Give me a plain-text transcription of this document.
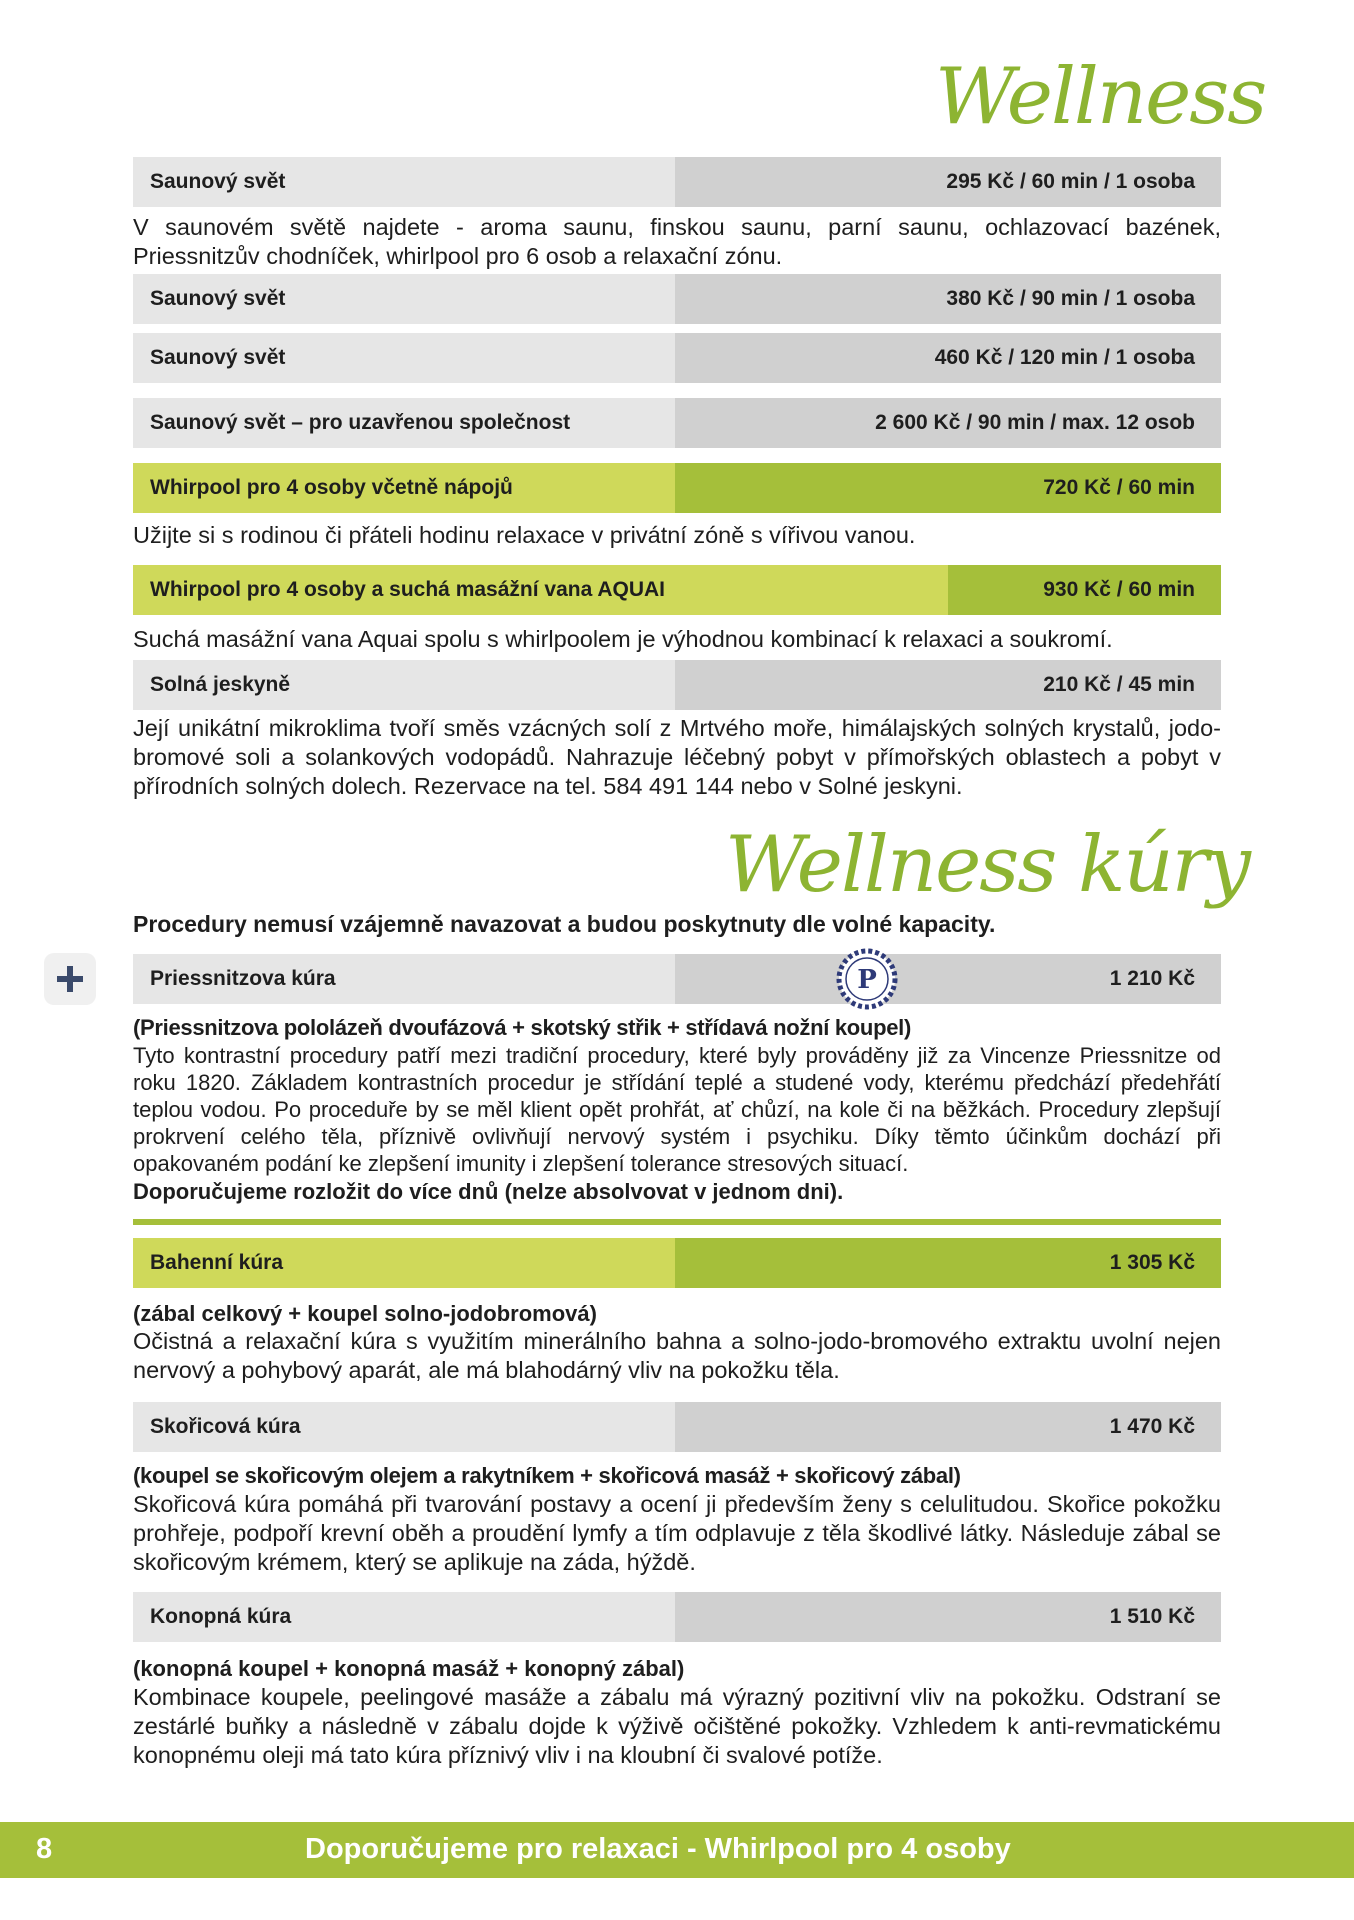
Wellness
Saunový svět	295 Kč / 60 min / 1 osoba

V saunovém světě najdete - aroma saunu, finskou saunu, parní saunu, ochlazovací bazének, Priessnitzův chodníček, whirlpool pro 6 osob a relaxační zónu.

Saunový svět	380 Kč / 90 min / 1 osoba
Saunový svět	460 Kč / 120 min / 1 osoba
Saunový svět – pro uzavřenou společnost	2 600 Kč / 90 min / max. 12 osob
Whirpool pro 4 osoby včetně nápojů	720 Kč / 60 min

Užijte si s rodinou či přáteli hodinu relaxace v privátní zóně s vířivou vanou.

Whirpool pro 4 osoby a suchá masážní vana AQUAI	930 Kč / 60 min

Suchá masážní vana Aquai spolu s whirlpoolem je výhodnou kombinací k relaxaci a soukromí.

Solná jeskyně	210 Kč / 45 min

Její unikátní mikroklima tvoří směs vzácných solí z Mrtvého moře, himálajských solných krystalů, jodo-bromové soli a solankových vodopádů. Nahrazuje léčebný pobyt v přímořských oblastech a pobyt v přírodních solných dolech. Rezervace na tel. 584 491 144 nebo v Solné jeskyni.

Wellness kúry

Procedury nemusí vzájemně navazovat a budou poskytnuty dle volné kapacity.

Priessnitzova kúra	1 210 Kč
P

(Priessnitzova pololázeň dvoufázová + skotský střik + střídavá nožní koupel)

Tyto kontrastní procedury patří mezi tradiční procedury, které byly prováděny již za Vincenze Priessnitze od roku 1820. Základem kontrastních procedur je střídání teplé a studené vody, kterému předchází předehřátí teplou vodou. Po proceduře by se měl klient opět prohřát, ať chůzí, na kole či na běžkách. Procedury zlepšují prokrvení celého těla, příznivě ovlivňují nervový systém i psychiku. Díky těmto účinkům dochází při opakovaném podání ke zlepšení imunity i zlepšení tolerance stresových situací.

Doporučujeme rozložit do více dnů (nelze absolvovat v jednom dni).

Bahenní kúra	1 305 Kč

(zábal celkový + koupel solno-jodobromová)

Očistná a relaxační kúra s využitím minerálního bahna a solno-jodo-bromového extraktu uvolní nejen nervový a pohybový aparát, ale má blahodárný vliv na pokožku těla.

Skořicová kúra	1 470 Kč

(koupel se skořicovým olejem a rakytníkem + skořicová masáž + skořicový zábal)

Skořicová kúra pomáhá při tvarování postavy a ocení ji především ženy s celulitudou. Skořice pokožku prohřeje, podpoří krevní oběh a proudění lymfy a tím odplavuje z těla škodlivé látky. Následuje zábal se skořicovým krémem, který se aplikuje na záda, hýždě.

Konopná kúra	1 510 Kč

(konopná koupel + konopná masáž + konopný zábal)

Kombinace koupele, peelingové masáže a zábalu má výrazný pozitivní vliv na pokožku. Odstraní se zestárlé buňky a následně v zábalu dojde k výživě očištěné pokožky. Vzhledem k anti-revmatickému konopnému oleji má tato kúra příznivý vliv i na kloubní či svalové potíže.

8	Doporučujeme pro relaxaci - Whirlpool pro 4 osoby
